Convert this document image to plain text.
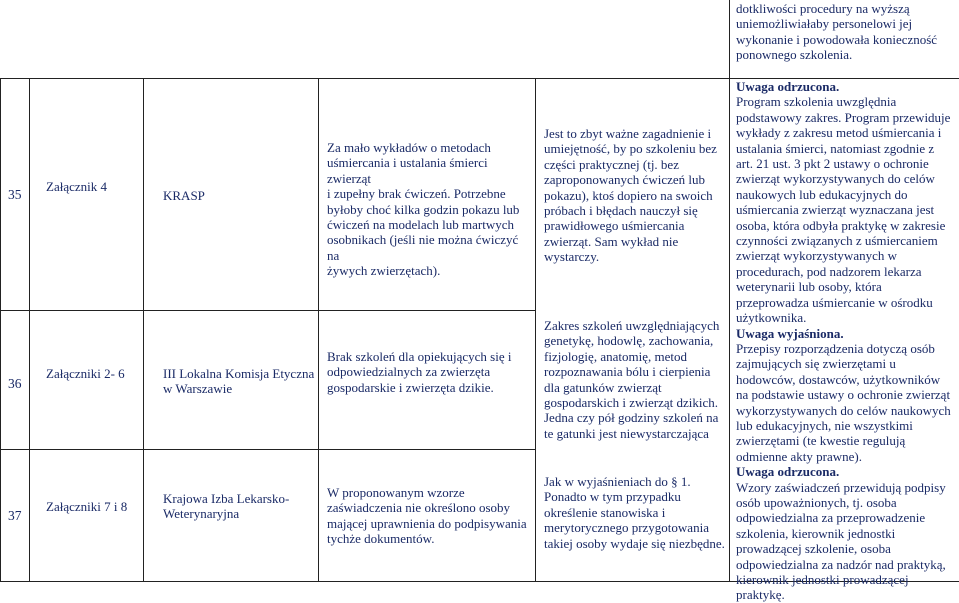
dotkliwości procedury na wyższą
uniemożliwiałaby personelowi jej
wykonanie i powodowała konieczność
ponownego szkolenia.
35
Załącznik 4
KRASP
Za mało wykładów o metodach
uśmiercania i ustalania śmierci zwierząt
i zupełny brak ćwiczeń. Potrzebne
byłoby choć kilka godzin pokazu lub
ćwiczeń na modelach lub martwych
osobnikach (jeśli nie można ćwiczyć na
żywych zwierzętach).
36
Załączniki 2- 6	III Lokalna Komisja Etyczna
w Warszawie
Brak szkoleń dla opiekujących się i
odpowiedzialnych za zwierzęta
gospodarskie i zwierzęta dzikie.
37
Załączniki 7 i 8
Krajowa Izba Lekarsko-
Weterynaryjna
W proponowanym wzorze
zaświadczenia nie określono osoby
mającej uprawnienia do podpisywania
tychże dokumentów.
Jest to zbyt ważne zagadnienie i
umiejętność, by po szkoleniu bez
części praktycznej (tj. bez
zaproponowanych ćwiczeń lub
pokazu), ktoś dopiero na swoich
próbach i błędach nauczył się
prawidłowego uśmiercania
zwierząt. Sam wykład nie
wystarczy.
Zakres szkoleń uwzględniających
genetykę, hodowlę, zachowania,
fizjologię, anatomię, metod
rozpoznawania bólu i cierpienia
dla gatunków zwierząt
gospodarskich i zwierząt dzikich.
Jedna czy pół godziny szkoleń na
te gatunki jest niewystarczająca
Jak w wyjaśnieniach do § 1.
Ponadto w tym przypadku
określenie stanowiska i
merytorycznego przygotowania
takiej osoby wydaje się niezbędne.
Uwaga odrzucona.
Program szkolenia uwzględnia
podstawowy zakres. Program przewiduje
wykłady z zakresu metod uśmiercania i
ustalania śmierci, natomiast zgodnie z
art. 21 ust. 3 pkt 2 ustawy o ochronie
zwierząt wykorzystywanych do celów
naukowych lub edukacyjnych do
uśmiercania zwierząt wyznaczana jest
osoba, która odbyła praktykę w zakresie
czynności związanych z uśmiercaniem
zwierząt wykorzystywanych w
procedurach, pod nadzorem lekarza
weterynarii lub osoby, która
przeprowadza uśmiercanie w ośrodku
użytkownika.
Uwaga wyjaśniona.
Przepisy rozporządzenia dotyczą osób
zajmujących się zwierzętami u
hodowców, dostawców, użytkowników
na podstawie ustawy o ochronie zwierząt
wykorzystywanych do celów naukowych
lub edukacyjnych, nie wszystkimi
zwierzętami (te kwestie regulują
odmienne akty prawne).
Uwaga odrzucona.
Wzory zaświadczeń przewidują podpisy
osób upoważnionych, tj. osoba
odpowiedzialna za przeprowadzenie
szkolenia, kierownik jednostki
prowadzącej szkolenie, osoba
odpowiedzialna za nadzór nad praktyką,
kierownik jednostki prowadzącej
praktykę.
